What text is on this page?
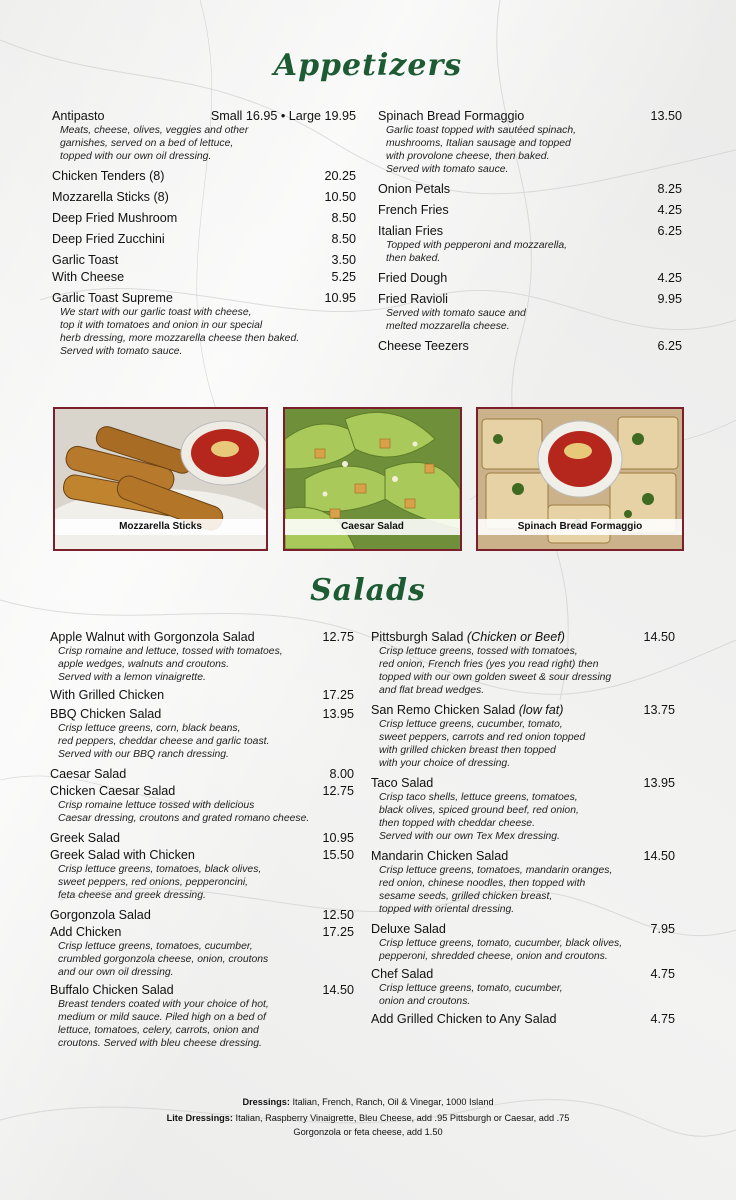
Appetizers
Antipasto	Small 16.95 • Large 19.95
Meats, cheese, olives, veggies and other
garnishes, served on a bed of lettuce,
topped with our own oil dressing.
Chicken Tenders (8)	20.25
Mozzarella Sticks (8)	10.50
Deep Fried Mushroom	8.50
Deep Fried Zucchini	8.50
Garlic Toast	3.50
With Cheese	5.25
Garlic Toast Supreme	10.95
We start with our garlic toast with cheese,
top it with tomatoes and onion in our special
herb dressing, more mozzarella cheese then baked.
Served with tomato sauce.
Spinach Bread Formaggio	13.50
Garlic toast topped with sautéed spinach,
mushrooms, Italian sausage and topped
with provolone cheese, then baked.
Served with tomato sauce.
Onion Petals	8.25
French Fries	4.25
Italian Fries	6.25
Topped with pepperoni and mozzarella,
then baked.
Fried Dough	4.25
Fried Ravioli	9.95
Served with tomato sauce and
melted mozzarella cheese.
Cheese Teezers	6.25
Mozzarella Sticks	Caesar Salad	Spinach Bread Formaggio
Salads
Apple Walnut with Gorgonzola Salad	12.75
Crisp romaine and lettuce, tossed with tomatoes,
apple wedges, walnuts and croutons.
Served with a lemon vinaigrette.
With Grilled Chicken	17.25
BBQ Chicken Salad	13.95
Crisp lettuce greens, corn, black beans,
red peppers, cheddar cheese and garlic toast.
Served with our BBQ ranch dressing.
Caesar Salad	8.00
Chicken Caesar Salad	12.75
Crisp romaine lettuce tossed with delicious
Caesar dressing, croutons and grated romano cheese.
Greek Salad	10.95
Greek Salad with Chicken	15.50
Crisp lettuce greens, tomatoes, black olives,
sweet peppers, red onions, pepperoncini,
feta cheese and greek dressing.
Gorgonzola Salad	12.50
Add Chicken	17.25
Crisp lettuce greens, tomatoes, cucumber,
crumbled gorgonzola cheese, onion, croutons
and our own oil dressing.
Buffalo Chicken Salad	14.50
Breast tenders coated with your choice of hot,
medium or mild sauce. Piled high on a bed of
lettuce, tomatoes, celery, carrots, onion and
croutons. Served with bleu cheese dressing.
Pittsburgh Salad (Chicken or Beef)	14.50
Crisp lettuce greens, tossed with tomatoes,
red onion, French fries (yes you read right) then
topped with our own golden sweet & sour dressing
and flat bread wedges.
San Remo Chicken Salad (low fat)	13.75
Crisp lettuce greens, cucumber, tomato,
sweet peppers, carrots and red onion topped
with grilled chicken breast then topped
with your choice of dressing.
Taco Salad	13.95
Crisp taco shells, lettuce greens, tomatoes,
black olives, spiced ground beef, red onion,
then topped with cheddar cheese.
Served with our own Tex Mex dressing.
Mandarin Chicken Salad	14.50
Crisp lettuce greens, tomatoes, mandarin oranges,
red onion, chinese noodles, then topped with
sesame seeds, grilled chicken breast,
topped with oriental dressing.
Deluxe Salad	7.95
Crisp lettuce greens, tomato, cucumber, black olives,
pepperoni, shredded cheese, onion and croutons.
Chef Salad	4.75
Crisp lettuce greens, tomato, cucumber,
onion and croutons.
Add Grilled Chicken to Any Salad	4.75
Dressings: Italian, French, Ranch, Oil & Vinegar, 1000 Island
Lite Dressings: Italian, Raspberry Vinaigrette, Bleu Cheese, add .95 Pittsburgh or Caesar, add .75
Gorgonzola or feta cheese, add 1.50
